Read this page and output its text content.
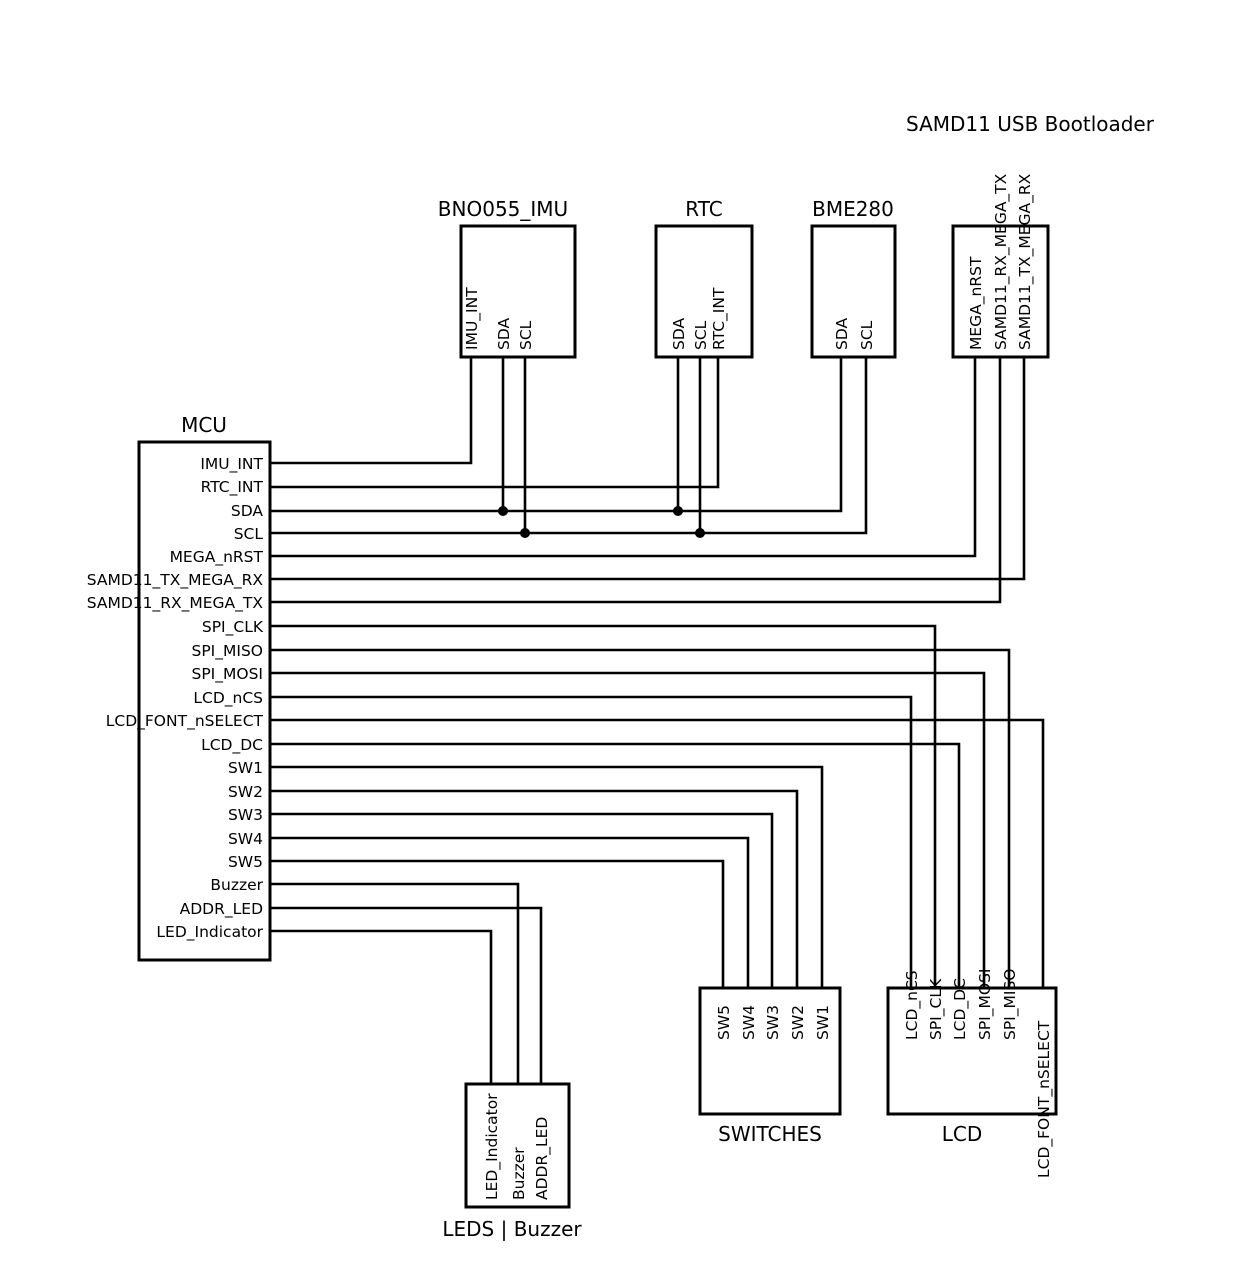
MCU
IMU_INT
RTC_INT
SDA
SCL
MEGA_nRST
SAMD11_TX_MEGA_RX
SAMD11_RX_MEGA_TX
SPI_CLK
SPI_MISO
SPI_MOSI
LCD_nCS
LCD_FONT_nSELECT
LCD_DC
SW1
SW2
SW3
SW4
SW5
Buzzer
ADDR_LED
LED_Indicator
BNO055_IMU
IMU_INT SDA SCL
RTC
SDA SCL RTC_INT
BME280
SDA SCL
SAMD11 USB Bootloader
MEGA_nRST SAMD11_RX_MEGA_TX SAMD11_TX_MEGA_RX
SWITCHES
SW5 SW4 SW3 SW2 SW1
LCD
LCD_nCS SPI_CLK LCD_DC SPI_MOSI SPI_MISO
LCD_FONT_nSELECT
LEDS | Buzzer
LED_Indicator Buzzer ADDR_LED
